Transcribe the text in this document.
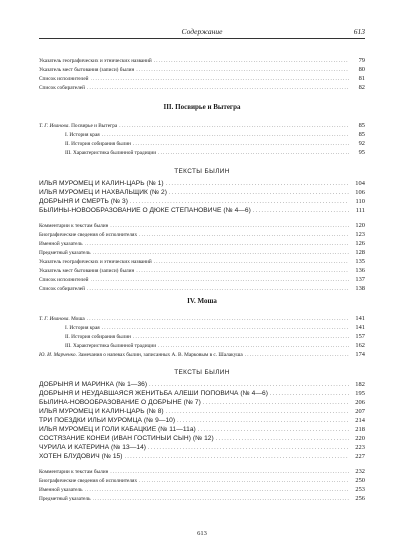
Содержание	613
Указатель географических и этнических названий . . .	79
Указатель мест бытования (записи) былин . . .	80
Список исполнителей . . .	81
Список собирателей . . .	82
III. Посвирье и Вытегра
Т. Г. Иванова. Посвирье и Вытегра . . .	85
I. История края . . .	85
II. История собирания былин . . .	92
III. Характеристика былинной традиции . . .	95
ТЕКСТЫ БЫЛИН
ИЛЬЯ МУРОМЕЦ И КАЛИН-ЦАРЬ (№ 1) . . .	104
ИЛЬЯ МУРОМЕЦ И НАХВАЛЬЩИК (№ 2) . . .	106
ДОБРЫНЯ И СМЕРТЬ (№ 3) . . .	110
БЫЛИНЫ-НОВООБРАЗОВАНИЕ О ДЮКЕ СТЕПАНОВИЧЕ (№ 4—6) . . .	111
Комментарии к текстам былин . . .	120
Биографические сведения об исполнителях . . .	123
Именной указатель . . .	126
Предметный указатель . . .	128
Указатель географических и этнических названий . . .	135
Указатель мест бытования (записи) былин . . .	136
Список исполнителей . . .	137
Список собирателей . . .	138
IV. Моша
Т. Г. Иванова. Моша . . .	141
I. История края . . .	141
II. История собирания былин . . .	157
III. Характеристика былинной традиции . . .	162
Ю. И. Марченко. Замечания о напевах былин, записанных А. В. Марковым в с. Шалакуша . . .	174
ТЕКСТЫ БЫЛИН
ДОБРЫНЯ И МАРИНКА (№ 1—36) . . .	182
ДОБРЫНЯ И НЕУДАВШАЯСЯ ЖЕНИТЬБА АЛЕШИ ПОПОВИЧА (№ 4—6) . . .	195
БЫЛИНА-НОВООБРАЗОВАНИЕ О ДОБРЫНЕ (№ 7) . . .	206
ИЛЬЯ МУРОМЕЦ И КАЛИН-ЦАРЬ (№ 8) . . .	207
ТРИ ПОЕЗДКИ ИЛЬИ МУРОМЦА (№ 9—10) . . .	214
ИЛЬЯ МУРОМЕЦ И ГОЛИ КАБАЦКИЕ (№ 11—11а) . . .	218
СОСТЯЗАНИЕ КОНЕЙ (ИВАН ГОСТИНЫЙ СЫН) (№ 12) . . .	220
ЧУРИЛА И КАТЕРИНА (№ 13—14) . . .	223
ХОТЕН БЛУДОВИЧ (№ 15) . . .	227
Комментарии к текстам былин . . .	232
Биографические сведения об исполнителях . . .	250
Именной указатель . . .	253
Предметный указатель . . .	256
613
